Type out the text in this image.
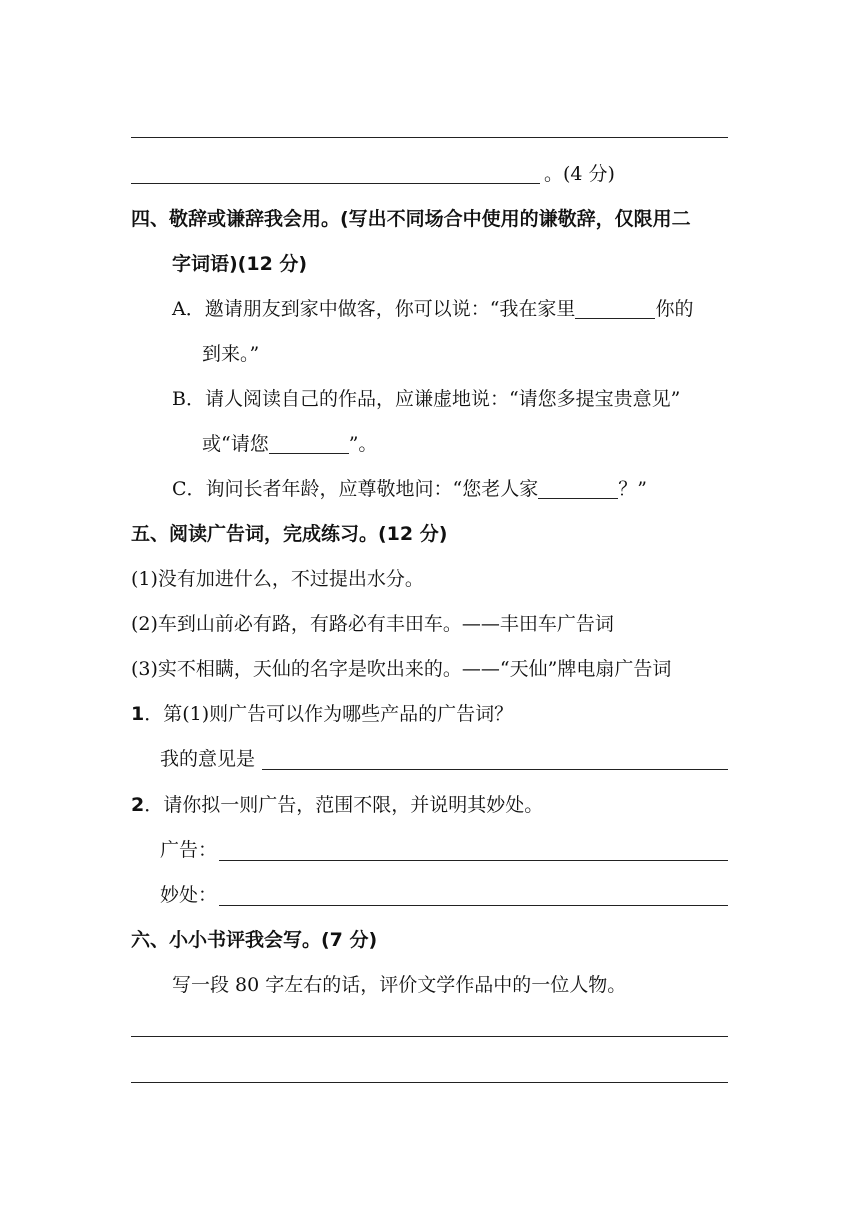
。(4 分)
四、敬辞或谦辞我会用。(写出不同场合中使用的谦敬辞，仅限用二
字词语)(12 分)
A．邀请朋友到家中做客，你可以说：“我在家里	你的
到来。”
B．请人阅读自己的作品，应谦虚地说：“请您多提宝贵意见”
或“请您	”。
C．询问长者年龄，应尊敬地问：“您老人家	？”
五、阅读广告词，完成练习。(12 分)
(1)没有加进什么，不过提出水分。
(2)车到山前必有路，有路必有丰田车。——丰田车广告词
(3)实不相瞒，天仙的名字是吹出来的。——“天仙”牌电扇广告词
1．第(1)则广告可以作为哪些产品的广告词？
我的意见是
2．请你拟一则广告，范围不限，并说明其妙处。
广告：
妙处：
六、小小书评我会写。(7 分)
写一段 80 字左右的话，评价文学作品中的一位人物。
